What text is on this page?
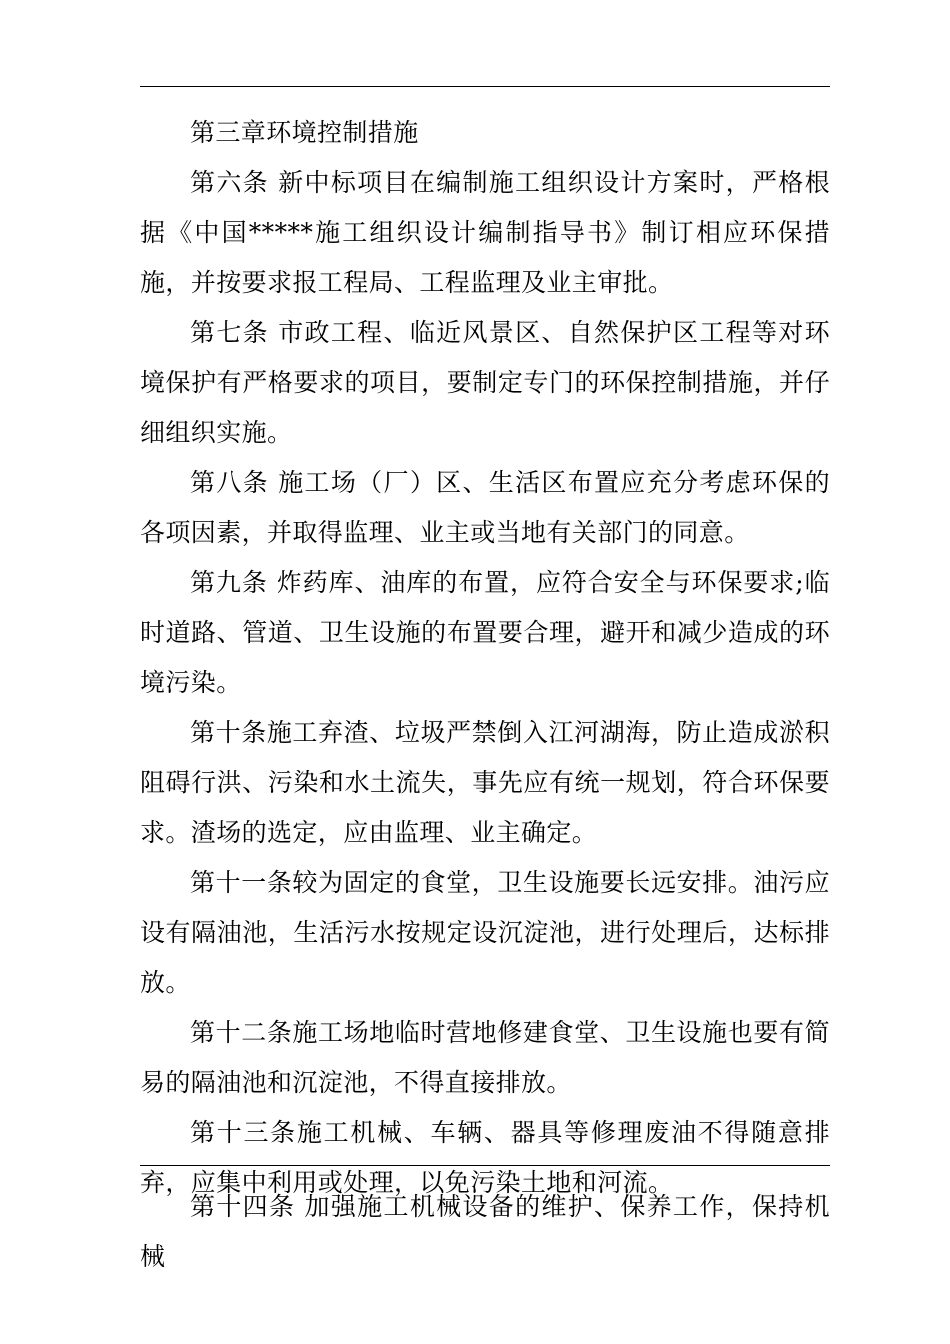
第三章环境控制措施

第六条 新中标项目在编制施工组织设计方案时，严格根据《中国*****施工组织设计编制指导书》制订相应环保措施，并按要求报工程局、工程监理及业主审批。

第七条 市政工程、临近风景区、自然保护区工程等对环境保护有严格要求的项目，要制定专门的环保控制措施，并仔细组织实施。

第八条 施工场（厂）区、生活区布置应充分考虑环保的各项因素，并取得监理、业主或当地有关部门的同意。

第九条 炸药库、油库的布置，应符合安全与环保要求;临时道路、管道、卫生设施的布置要合理，避开和减少造成的环境污染。

第十条施工弃渣、垃圾严禁倒入江河湖海，防止造成淤积阻碍行洪、污染和水土流失，事先应有统一规划，符合环保要求。渣场的选定，应由监理、业主确定。

第十一条较为固定的食堂，卫生设施要长远安排。油污应设有隔油池，生活污水按规定设沉淀池，进行处理后，达标排放。

第十二条施工场地临时营地修建食堂、卫生设施也要有简易的隔油池和沉淀池，不得直接排放。

第十三条施工机械、车辆、器具等修理废油不得随意排弃，应集中利用或处理，以免污染土地和河流。

第十四条 加强施工机械设备的维护、保养工作，保持机械
